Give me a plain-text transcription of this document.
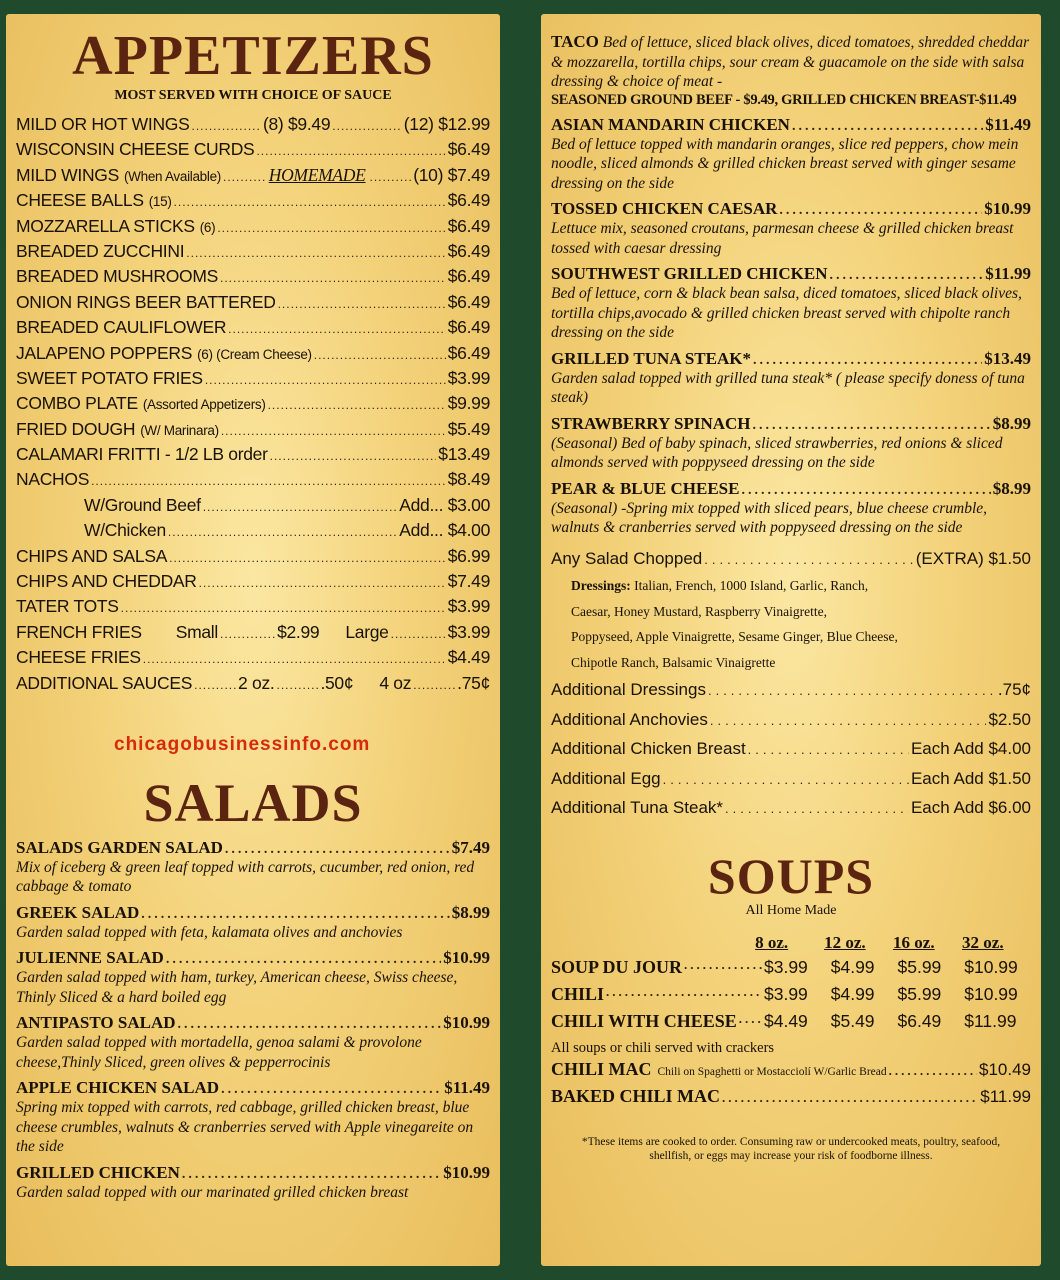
APPETIZERS
MOST SERVED WITH CHOICE OF SAUCE
MILD OR HOT WINGS .....	(8) $9.49 .....	(12) $12.99
WISCONSIN CHEESE CURDS .....	$6.49
MILD WINGS (When Available) .....	HOMEMADE .....	(10) $7.49
CHEESE BALLS (15) .....	$6.49
MOZZARELLA STICKS (6) .....	$6.49
BREADED ZUCCHINI .....	$6.49
BREADED MUSHROOMS .....	$6.49
ONION RINGS BEER BATTERED .....	$6.49
BREADED CAULIFLOWER .....	$6.49
JALAPENO POPPERS (6) (Cream Cheese) .....	$6.49
SWEET POTATO FRIES .....	$3.99
COMBO PLATE (Assorted Appetizers) .....	$9.99
FRIED DOUGH (W/ Marinara) .....	$5.49
CALAMARI FRITTI - 1/2 LB order .....	$13.49
NACHOS .....	$8.49
W/Ground Beef .....	Add... $3.00
W/Chicken .....	Add... $4.00
CHIPS AND SALSA .....	$6.99
CHIPS AND CHEDDAR .....	$7.49
TATER TOTS .....	$3.99
FRENCH FRIES Small .....	$2.99 Large .....	$3.99
CHEESE FRIES .....	$4.49
ADDITIONAL SAUCES .....	2 oz. .....	.50¢ 4 oz .....	.75¢
chicagobusinessinfo.com
SALADS
SALADS GARDEN SALAD .....	$7.49
Mix of iceberg & green leaf topped with carrots, cucumber, red onion, red cabbage & tomato
GREEK SALAD .....	$8.99
Garden salad topped with feta, kalamata olives and anchovies
JULIENNE SALAD .....	$10.99
Garden salad topped with ham, turkey, American cheese, Swiss cheese, Thinly Sliced & a hard boiled egg
ANTIPASTO SALAD .....	$10.99
Garden salad topped with mortadella, genoa salami & provolone cheese,Thinly Sliced, green olives & pepperrocinis
APPLE CHICKEN SALAD .....	$11.49
Spring mix topped with carrots, red cabbage, grilled chicken breast, blue cheese crumbles, walnuts & cranberries served with Apple vinegareite on the side
GRILLED CHICKEN .....	$10.99
Garden salad topped with our marinated grilled chicken breast
TACO Bed of lettuce, sliced black olives, diced tomatoes, shredded cheddar & mozzarella, tortilla chips, sour cream & guacamole on the side with salsa dressing & choice of meat -
SEASONED GROUND BEEF - $9.49, GRILLED CHICKEN BREAST-$11.49
ASIAN MANDARIN CHICKEN .....	$11.49
Bed of lettuce topped with mandarin oranges, slice red peppers, chow mein noodle, sliced almonds & grilled chicken breast served with ginger sesame dressing on the side
TOSSED CHICKEN CAESAR .....	$10.99
Lettuce mix, seasoned croutans, parmesan cheese & grilled chicken breast tossed with caesar dressing
SOUTHWEST GRILLED CHICKEN .....	$11.99
Bed of lettuce, corn & black bean salsa, diced tomatoes, sliced black olives, tortilla chips,avocado & grilled chicken breast served with chipolte ranch dressing on the side
GRILLED TUNA STEAK* .....	$13.49
Garden salad topped with grilled tuna steak* ( please specify doness of tuna steak)
STRAWBERRY SPINACH .....	$8.99
(Seasonal) Bed of baby spinach, sliced strawberries, red onions & sliced almonds served with poppyseed dressing on the side
PEAR & BLUE CHEESE .....	$8.99
(Seasonal) -Spring mix topped with sliced pears, blue cheese crumble, walnuts & cranberries served with poppyseed dressing on the side
Any Salad Chopped .....	(EXTRA) $1.50
Dressings: Italian, French, 1000 Island, Garlic, Ranch,
Caesar, Honey Mustard, Raspberry Vinaigrette,
Poppyseed, Apple Vinaigrette, Sesame Ginger, Blue Cheese,
Chipotle Ranch, Balsamic Vinaigrette
Additional Dressings .....	.75¢
Additional Anchovies .....	$2.50
Additional Chicken Breast .....	Each Add $4.00
Additional Egg .....	Each Add $1.50
Additional Tuna Steak* .....	Each Add $6.00
SOUPS
All Home Made
8 oz.	12 oz.	16 oz.	32 oz.
SOUP DU JOUR .....	$3.99	$4.99	$5.99	$10.99
CHILI .....	$3.99	$4.99	$5.99	$10.99
CHILI WITH CHEESE ..... $4.49	$5.49	$6.49	$11.99
All soups or chili served with crackers
CHILI MAC Chili on Spaghetti or Mostacciolí W/Garlic Bread .....	$10.49
BAKED CHILI MAC .....	$11.99
*These items are cooked to order. Consuming raw or undercooked meats, poultry, seafood, shellfish, or eggs may increase your risk of foodborne illness.
